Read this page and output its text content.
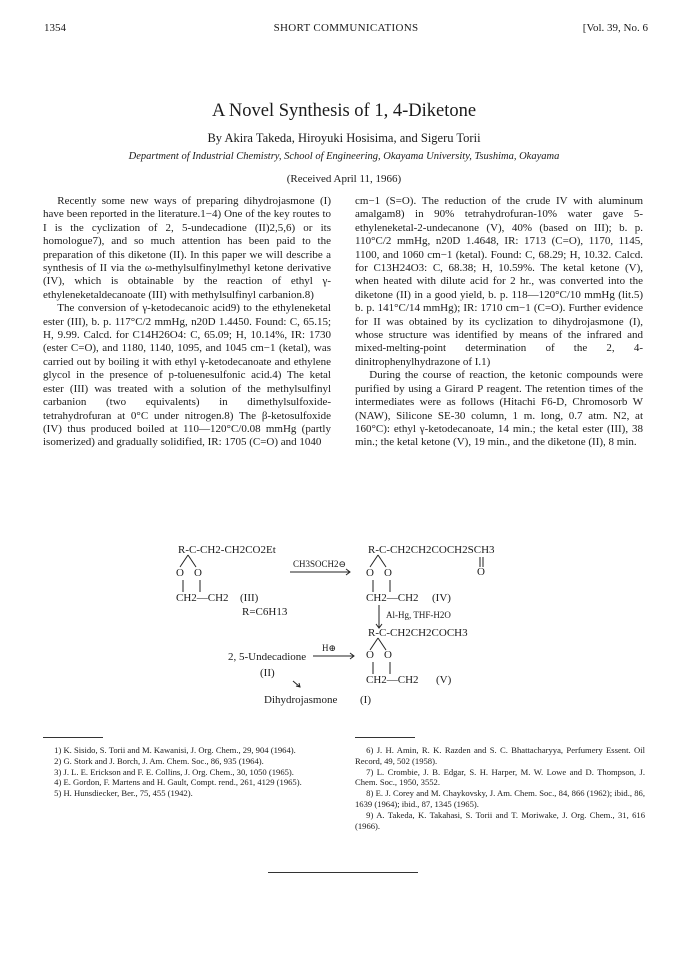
1354	SHORT COMMUNICATIONS	[Vol. 39, No. 6
A Novel Synthesis of 1, 4-Diketone
By Akira Takeda, Hiroyuki Hosisima, and Sigeru Torii
Department of Industrial Chemistry, School of Engineering, Okayama University, Tsushima, Okayama
(Received April 11, 1966)

Recently some new ways of preparing dihydrojasmone (I) have been reported in the literature.1−4) One of the key routes to I is the cyclization of 2, 5-undecadione (II)2,5,6) or its homologue7), and so much attention has been paid to the preparation of this diketone (II). In this paper we will describe a synthesis of II via the ω-methylsulfinylmethyl ketone derivative (IV), which is obtainable by the reaction of ethyl γ-ethyleneketaldecanoate (III) with methylsulfinyl carbanion.8)

The conversion of γ-ketodecanoic acid9) to the ethyleneketal ester (III), b. p. 117°C/2 mmHg, n20D 1.4450. Found: C, 65.15; H, 9.99. Calcd. for C14H26O4: C, 65.09; H, 10.14%, IR: 1730 (ester C=O), and 1180, 1140, 1095, and 1045 cm−1 (ketal), was carried out by boiling it with ethyl γ-ketodecanoate and ethylene glycol in the presence of p-toluenesulfonic acid.4) The ketal ester (III) was treated with a solution of the methylsulfinyl carbanion (two equivalents) in dimethylsulfoxide-tetrahydrofuran at 0°C under nitrogen.8) The β-ketosulfoxide (IV) thus produced boiled at 110—120°C/0.08 mmHg (partly isomerized) and gradually solidified, IR: 1705 (C=O) and 1040

cm−1 (S=O). The reduction of the crude IV with aluminum amalgam8) in 90% tetrahydrofuran-10% water gave 5-ethyleneketal-2-undecanone (V), 40% (based on III); b. p. 110°C/2 mmHg, n20D 1.4648, IR: 1713 (C=O), 1170, 1145, 1100, and 1060 cm−1 (ketal). Found: C, 68.29; H, 10.32. Calcd. for C13H24O3: C, 68.38; H, 10.59%. The ketal ketone (V), when heated with dilute acid for 2 hr., was converted into the diketone (II) in a good yield, b. p. 118—120°C/10 mmHg (lit.5) b. p. 141°C/14 mmHg); IR: 1710 cm−1 (C=O). Further evidence for II was obtained by its cyclization to dihydrojasmone (I), whose structure was identified by means of the infrared and mixed-melting-point determination of the 2, 4-dinitrophenylhydrazone of I.1)

During the course of reaction, the ketonic compounds were purified by using a Girard P reagent. The retention times of the intermediates were as follows (Hitachi F6-D, Chromosorb W (NAW), Silicone SE-30 column, 1 m. long, 0.7 atm. N2, at 160°C): ethyl γ-ketodecanoate, 14 min.; the ketal ester (III), 38 min.; the ketal ketone (V), 19 min., and the diketone (II), 8 min.

R-C-CH2-CH2CO2Et
O O
CH2—CH2 (III)
R=C6H13
CH3SOCH2⊖
R-C-CH2CH2COCH2SCH3
O O	O
CH2—CH2 (IV)
Al-Hg, THF-H2O
R-C-CH2CH2COCH3
O O
CH2—CH2 (V)
2, 5-Undecadione
H⊕
(II)
Dihydrojasmone (I)

1) K. Sisido, S. Torii and M. Kawanisi, J. Org. Chem., 29, 904 (1964).

2) G. Stork and J. Borch, J. Am. Chem. Soc., 86, 935 (1964).

3) J. L. E. Erickson and F. E. Collins, J. Org. Chem., 30, 1050 (1965).

4) E. Gordon, F. Martens and H. Gault, Compt. rend., 261, 4129 (1965).

5) H. Hunsdiecker, Ber., 75, 455 (1942).

6) J. H. Amin, R. K. Razden and S. C. Bhattacharyya, Perfumery Essent. Oil Record, 49, 502 (1958).

7) L. Crombie, J. B. Edgar, S. H. Harper, M. W. Lowe and D. Thompson, J. Chem. Soc., 1950, 3552.

8) E. J. Corey and M. Chaykovsky, J. Am. Chem. Soc., 84, 866 (1962); ibid., 86, 1639 (1964); ibid., 87, 1345 (1965).

9) A. Takeda, K. Takahasi, S. Torii and T. Moriwake, J. Org. Chem., 31, 616 (1966).
